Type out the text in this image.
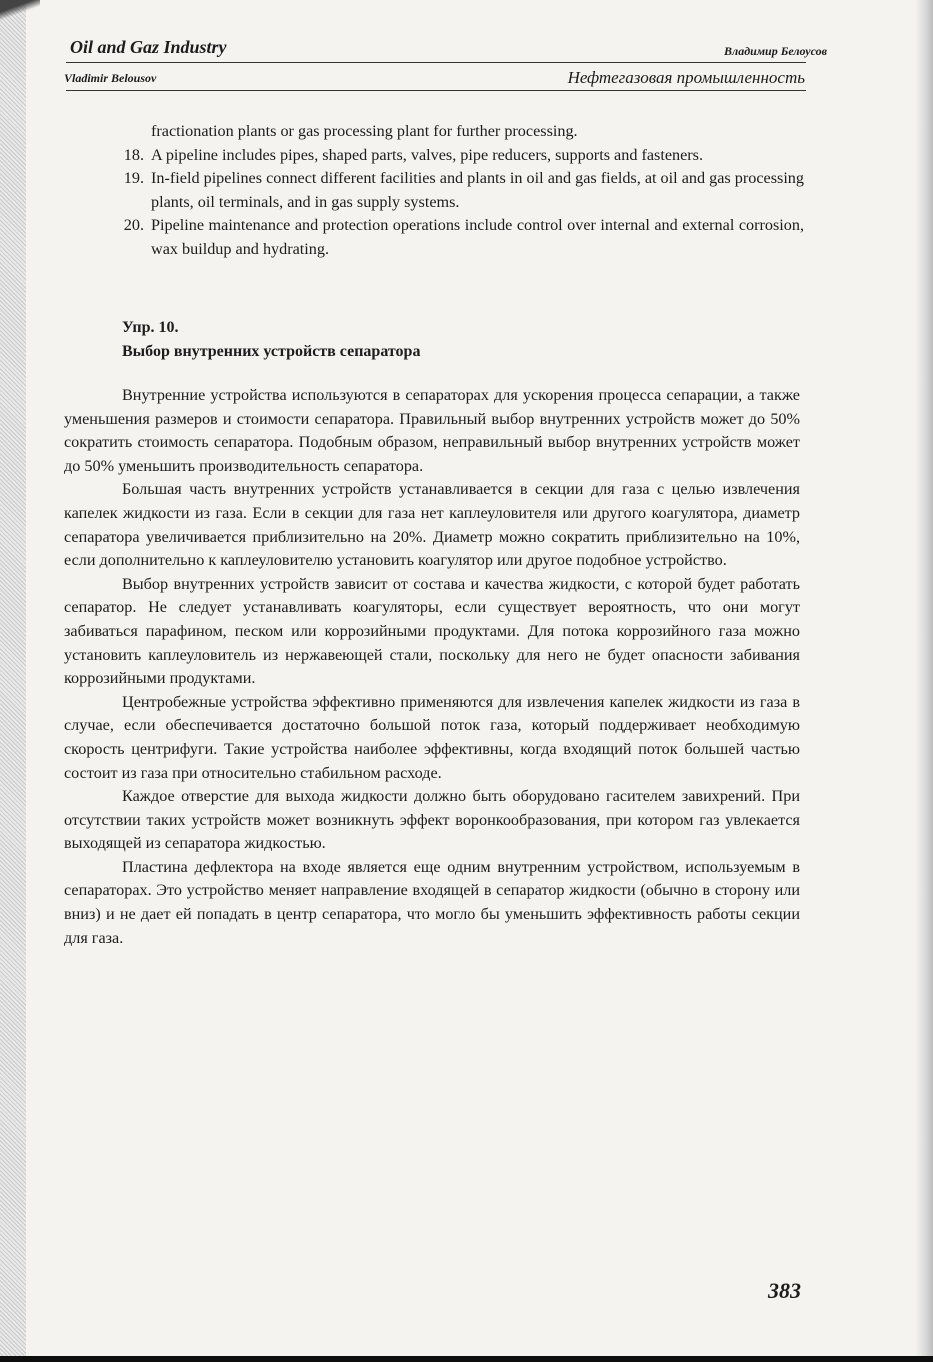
Oil and Gaz Industry	Владимир Белоусов
Vladimir Belousov	Нефтегазовая промышленность
fractionation plants or gas processing plant for further processing.
18. A pipeline includes pipes, shaped parts, valves, pipe reducers, supports and fasteners.
19. In-field pipelines connect different facilities and plants in oil and gas fields, at oil and gas processing plants, oil terminals, and in gas supply systems.
20. Pipeline maintenance and protection operations include control over internal and external corrosion, wax buildup and hydrating.
Упр. 10.
Выбор внутренних устройств сепаратора

Внутренние устройства используются в сепараторах для ускорения процесса сепарации, а также уменьшения размеров и стоимости сепаратора. Правильный выбор внутренних устройств может до 50% сократить стоимость сепаратора. Подобным образом, неправильный выбор внутренних устройств может до 50% уменьшить производительность сепаратора.

Большая часть внутренних устройств устанавливается в секции для газа с целью извлечения капелек жидкости из газа. Если в секции для газа нет каплеуловителя или другого коагулятора, диаметр сепаратора увеличивается приблизительно на 20%. Диаметр можно сократить приблизительно на 10%, если дополнительно к каплеуловителю установить коагулятор или другое подобное устройство.

Выбор внутренних устройств зависит от состава и качества жидкости, с которой будет работать сепаратор. Не следует устанавливать коагуляторы, если существует вероятность, что они могут забиваться парафином, песком или коррозийными продуктами. Для потока коррозийного газа можно установить каплеуловитель из нержавеющей стали, поскольку для него не будет опасности забивания коррозийными продуктами.

Центробежные устройства эффективно применяются для извлечения капелек жидкости из газа в случае, если обеспечивается достаточно большой поток газа, который поддерживает необходимую скорость центрифуги. Такие устройства наиболее эффективны, когда входящий поток большей частью состоит из газа при относительно стабильном расходе.

Каждое отверстие для выхода жидкости должно быть оборудовано гасителем завихрений. При отсутствии таких устройств может возникнуть эффект воронкообразования, при котором газ увлекается выходящей из сепаратора жидкостью.

Пластина дефлектора на входе является еще одним внутренним устройством, используемым в сепараторах. Это устройство меняет направление входящей в сепаратор жидкости (обычно в сторону или вниз) и не дает ей попадать в центр сепаратора, что могло бы уменьшить эффективность работы секции для газа.

383
